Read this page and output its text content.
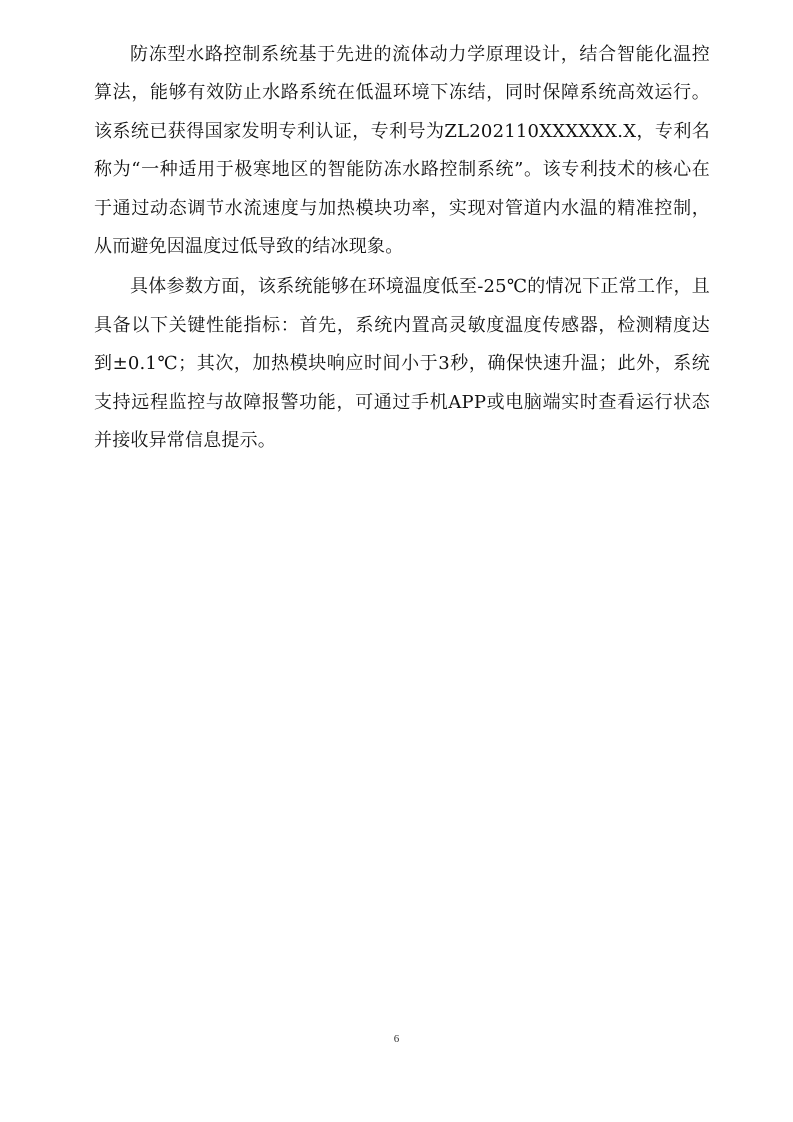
防冻型水路控制系统基于先进的流体动力学原理设计，结合智能化温控算法，能够有效防止水路系统在低温环境下冻结，同时保障系统高效运行。该系统已获得国家发明专利认证，专利号为ZL202110XXXXXX.X，专利名称为“一种适用于极寒地区的智能防冻水路控制系统”。该专利技术的核心在于通过动态调节水流速度与加热模块功率，实现对管道内水温的精准控制，从而避免因温度过低导致的结冰现象。

具体参数方面，该系统能够在环境温度低至-25℃的情况下正常工作，且具备以下关键性能指标：首先，系统内置高灵敏度温度传感器，检测精度达到±0.1℃；其次，加热模块响应时间小于3秒，确保快速升温；此外，系统支持远程监控与故障报警功能，可通过手机APP或电脑端实时查看运行状态并接收异常信息提示。

6
